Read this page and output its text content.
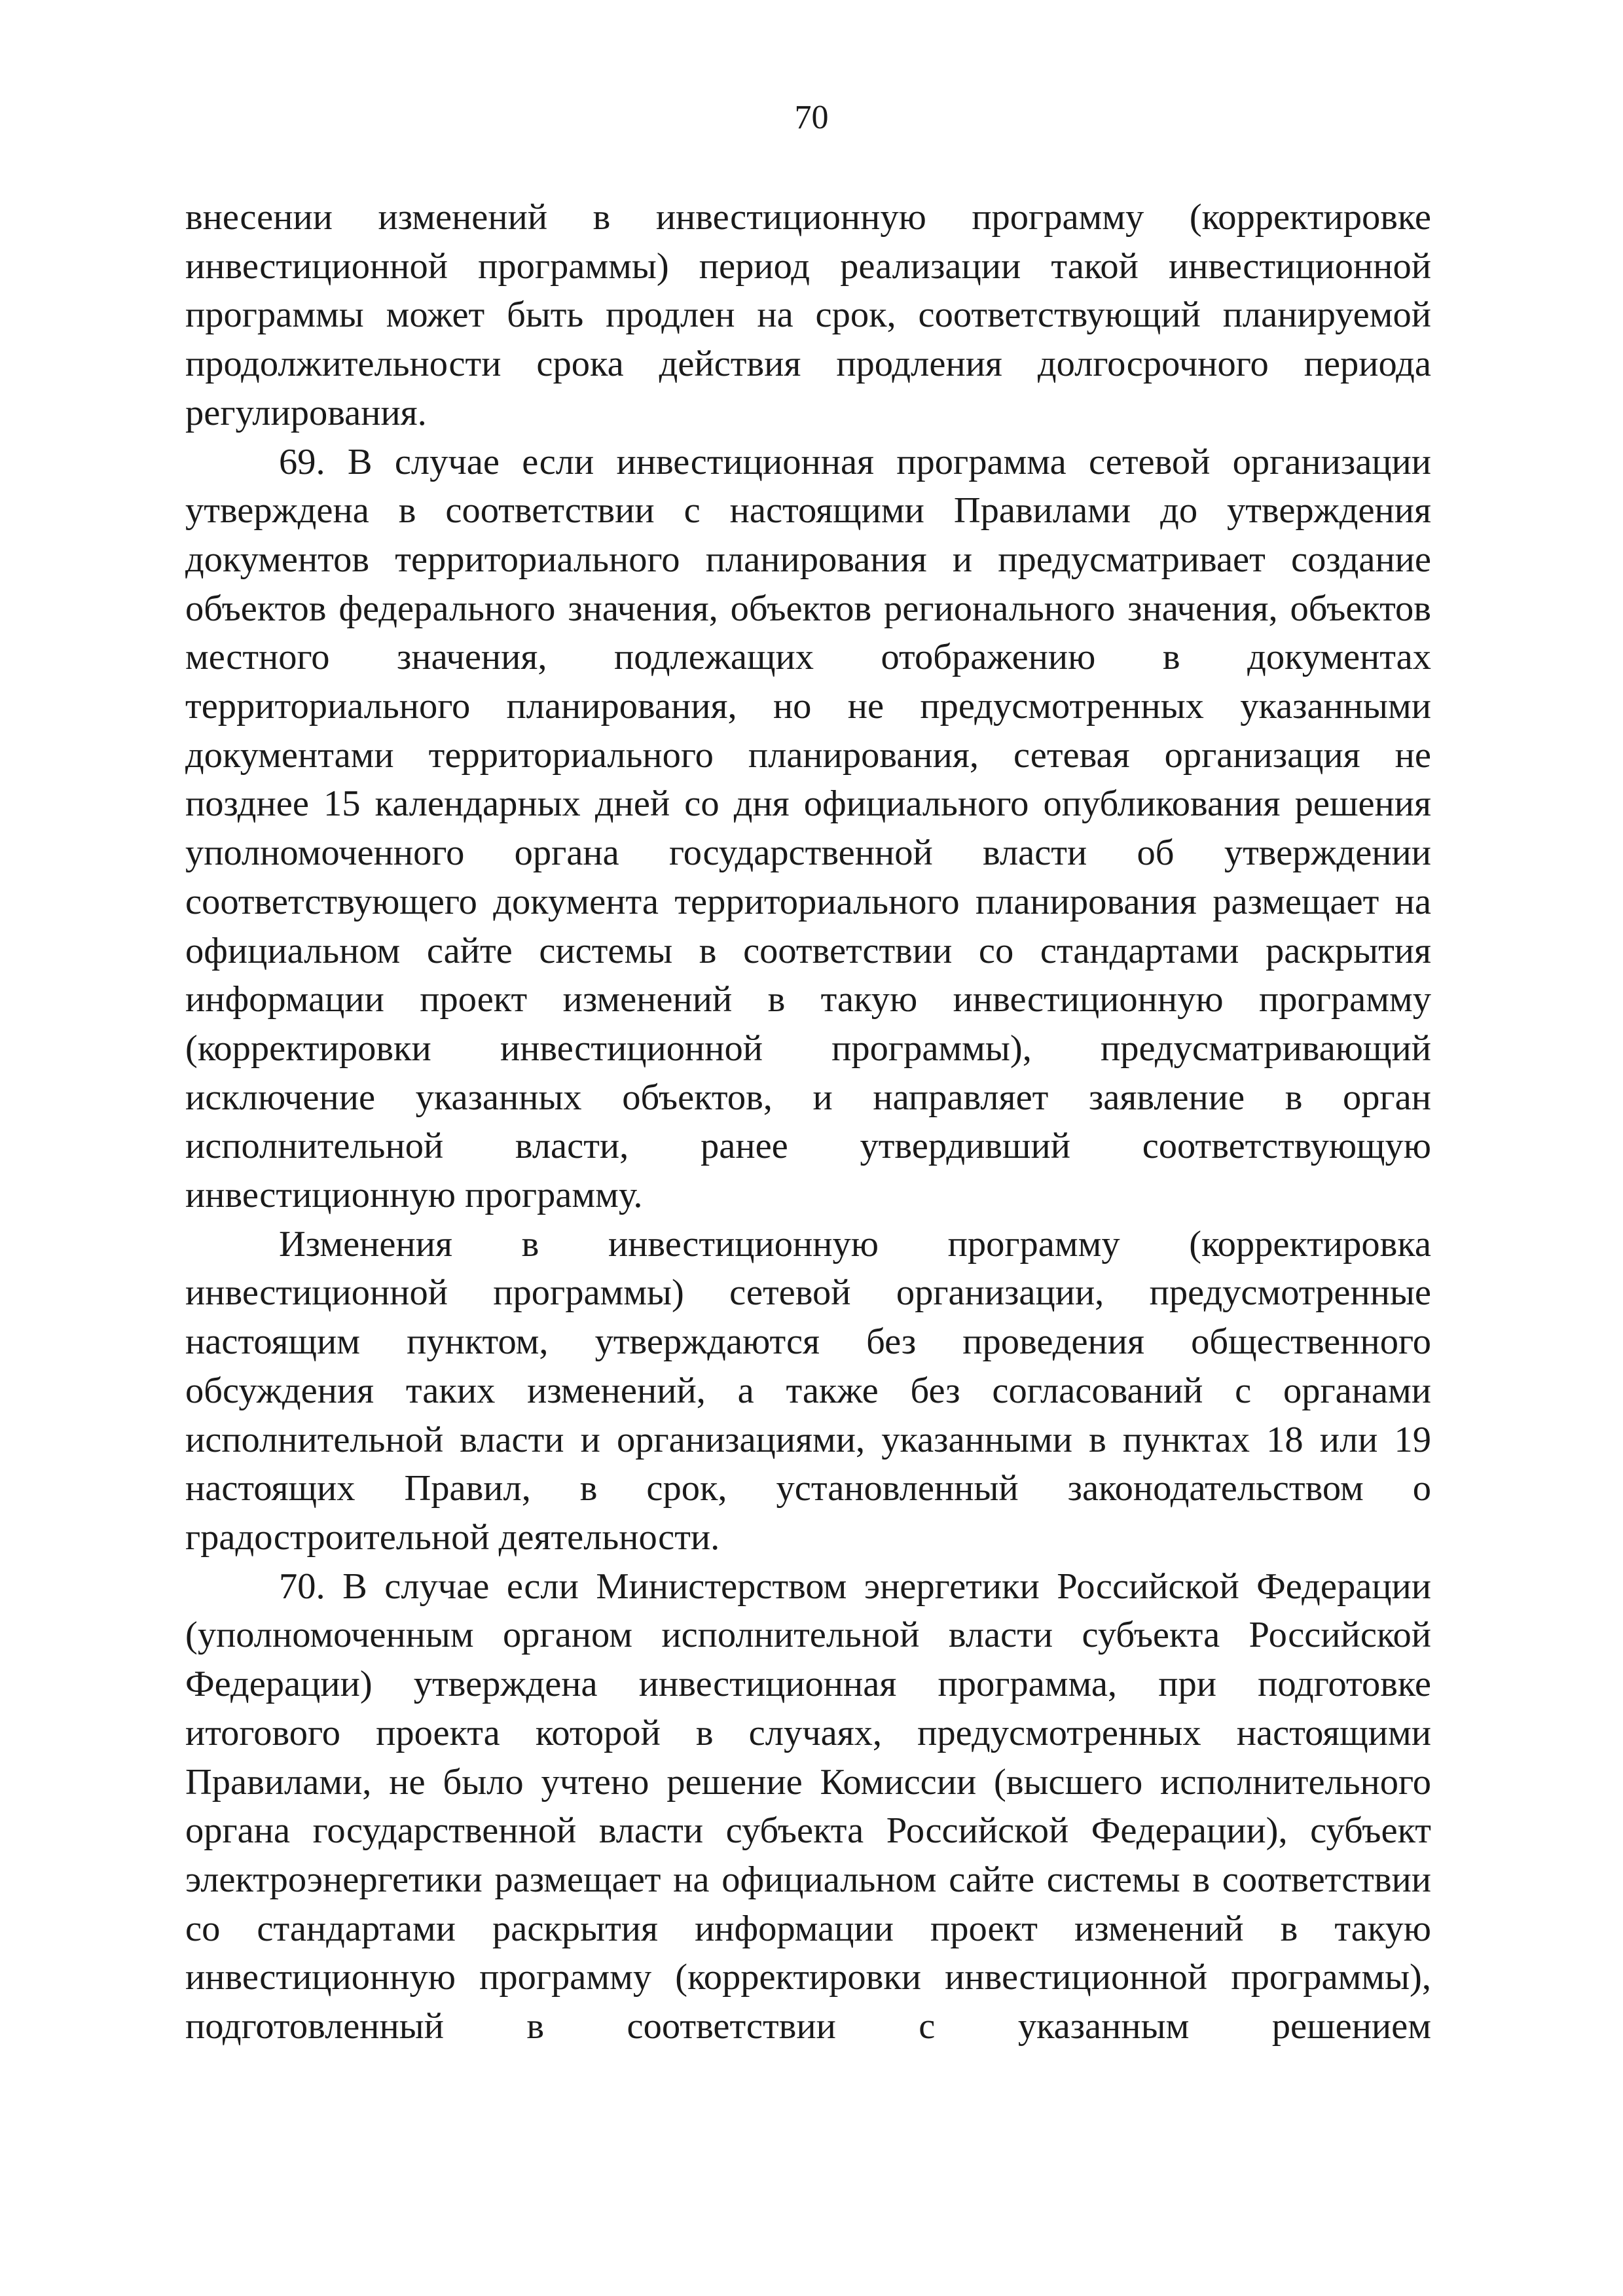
70

внесении изменений в инвестиционную программу (корректировке инвестиционной программы) период реализации такой инвестиционной программы может быть продлен на срок, соответствующий планируемой продолжительности срока действия продления долгосрочного периода регулирования.

69. В случае если инвестиционная программа сетевой организации утверждена в соответствии с настоящими Правилами до утверждения документов территориального планирования и предусматривает создание объектов федерального значения, объектов регионального значения, объектов местного значения, подлежащих отображению в документах территориального планирования, но не предусмотренных указанными документами территориального планирования, сетевая организация не позднее 15 календарных дней со дня официального опубликования решения уполномоченного органа государственной власти об утверждении соответствующего документа территориального планирования размещает на официальном сайте системы в соответствии со стандартами раскрытия информации проект изменений в такую инвестиционную программу (корректировки инвестиционной программы), предусматривающий исключение указанных объектов, и направляет заявление в орган исполнительной власти, ранее утвердивший соответствующую инвестиционную программу.

Изменения в инвестиционную программу (корректировка инвестиционной программы) сетевой организации, предусмотренные настоящим пунктом, утверждаются без проведения общественного обсуждения таких изменений, а также без согласований с органами исполнительной власти и организациями, указанными в пунктах 18 или 19 настоящих Правил, в срок, установленный законодательством о градостроительной деятельности.

70. В случае если Министерством энергетики Российской Федерации (уполномоченным органом исполнительной власти субъекта Российской Федерации) утверждена инвестиционная программа, при подготовке итогового проекта которой в случаях, предусмотренных настоящими Правилами, не было учтено решение Комиссии (высшего исполнительного органа государственной власти субъекта Российской Федерации), субъект электроэнергетики размещает на официальном сайте системы в соответствии со стандартами раскрытия информации проект изменений в такую инвестиционную программу (корректировки инвестиционной программы), подготовленный в соответствии с указанным решением
